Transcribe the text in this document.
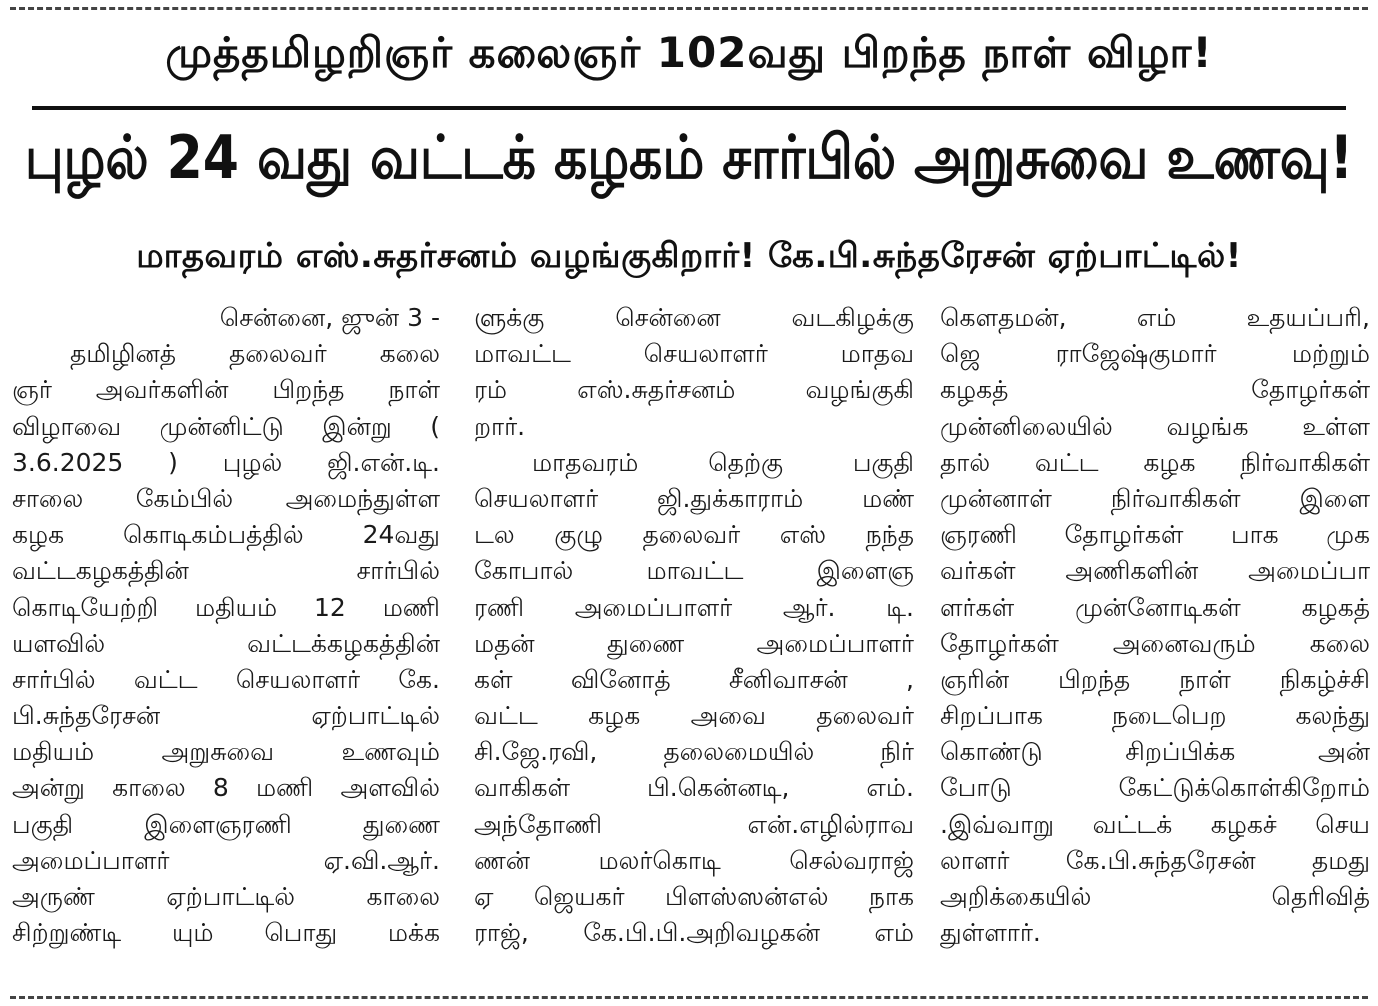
முத்தமிழறிஞர் கலைஞர் 102வது பிறந்த நாள் விழா!
புழல் 24 வது வட்டக் கழகம் சார்பில் அறுசுவை உணவு!
மாதவரம் எஸ்.சுதர்சனம் வழங்குகிறார்! கே.பி.சுந்தரேசன் ஏற்பாட்டில்!
சென்னை, ஜுன் 3 -
தமிழினத் தலைவர் கலை
ஞர் அவர்களின் பிறந்த நாள்
விழாவை முன்னிட்டு இன்று (
3.6.2025 ) புழல் ஜி.என்.டி.
சாலை கேம்பில் அமைந்துள்ள
கழக கொடிகம்பத்தில் 24வது
வட்டகழகத்தின் சார்பில்
கொடியேற்றி மதியம் 12 மணி
யளவில் வட்டக்கழகத்தின்
சார்பில் வட்ட செயலாளர் கே.
பி.சுந்தரேசன் ஏற்பாட்டில்
மதியம் அறுசுவை உணவும்
அன்று காலை 8 மணி அளவில்
பகுதி இளைஞரணி துணை
அமைப்பாளர் ஏ.வி.ஆர்.
அருண் ஏற்பாட்டில் காலை
சிற்றுண்டி யும் பொது மக்க
ளுக்கு சென்னை வடகிழக்கு
மாவட்ட செயலாளர் மாதவ
ரம் எஸ்.சுதர்சனம் வழங்குகி
றார்.
மாதவரம் தெற்கு பகுதி
செயலாளர் ஜி.துக்காராம் மண்
டல குழு தலைவர் எஸ் நந்த
கோபால் மாவட்ட இளைஞ
ரணி அமைப்பாளர் ஆர். டி.
மதன் துணை அமைப்பாளர்
கள் வினோத் சீனிவாசன் ,
வட்ட கழக அவை தலைவர்
சி.ஜே.ரவி, தலைமையில் நிர்
வாகிகள் பி.கென்னடி, எம்.
அந்தோணி என்.எழில்ராவ
ணன் மலர்கொடி செல்வராஜ்
ஏ ஜெயகர் பிளஸ்ஸன்எல் நாக
ராஜ், கே.பி.பி.அறிவழகன் எம்
கௌதமன், எம் உதயப்பரி,
ஜெ ராஜேஷ்குமார் மற்றும்
கழகத் தோழர்கள்
முன்னிலையில் வழங்க உள்ள
தால் வட்ட கழக நிர்வாகிகள்
முன்னாள் நிர்வாகிகள் இளை
ஞரணி தோழர்கள் பாக முக
வர்கள் அணிகளின் அமைப்பா
ளர்கள் முன்னோடிகள் கழகத்
தோழர்கள் அனைவரும் கலை
ஞரின் பிறந்த நாள் நிகழ்ச்சி
சிறப்பாக நடைபெற கலந்து
கொண்டு சிறப்பிக்க அன்
போடு கேட்டுக்கொள்கிறோம்
.இவ்வாறு வட்டக் கழகச் செய
லாளர் கே.பி.சுந்தரேசன் தமது
அறிக்கையில் தெரிவித்
துள்ளார்.
